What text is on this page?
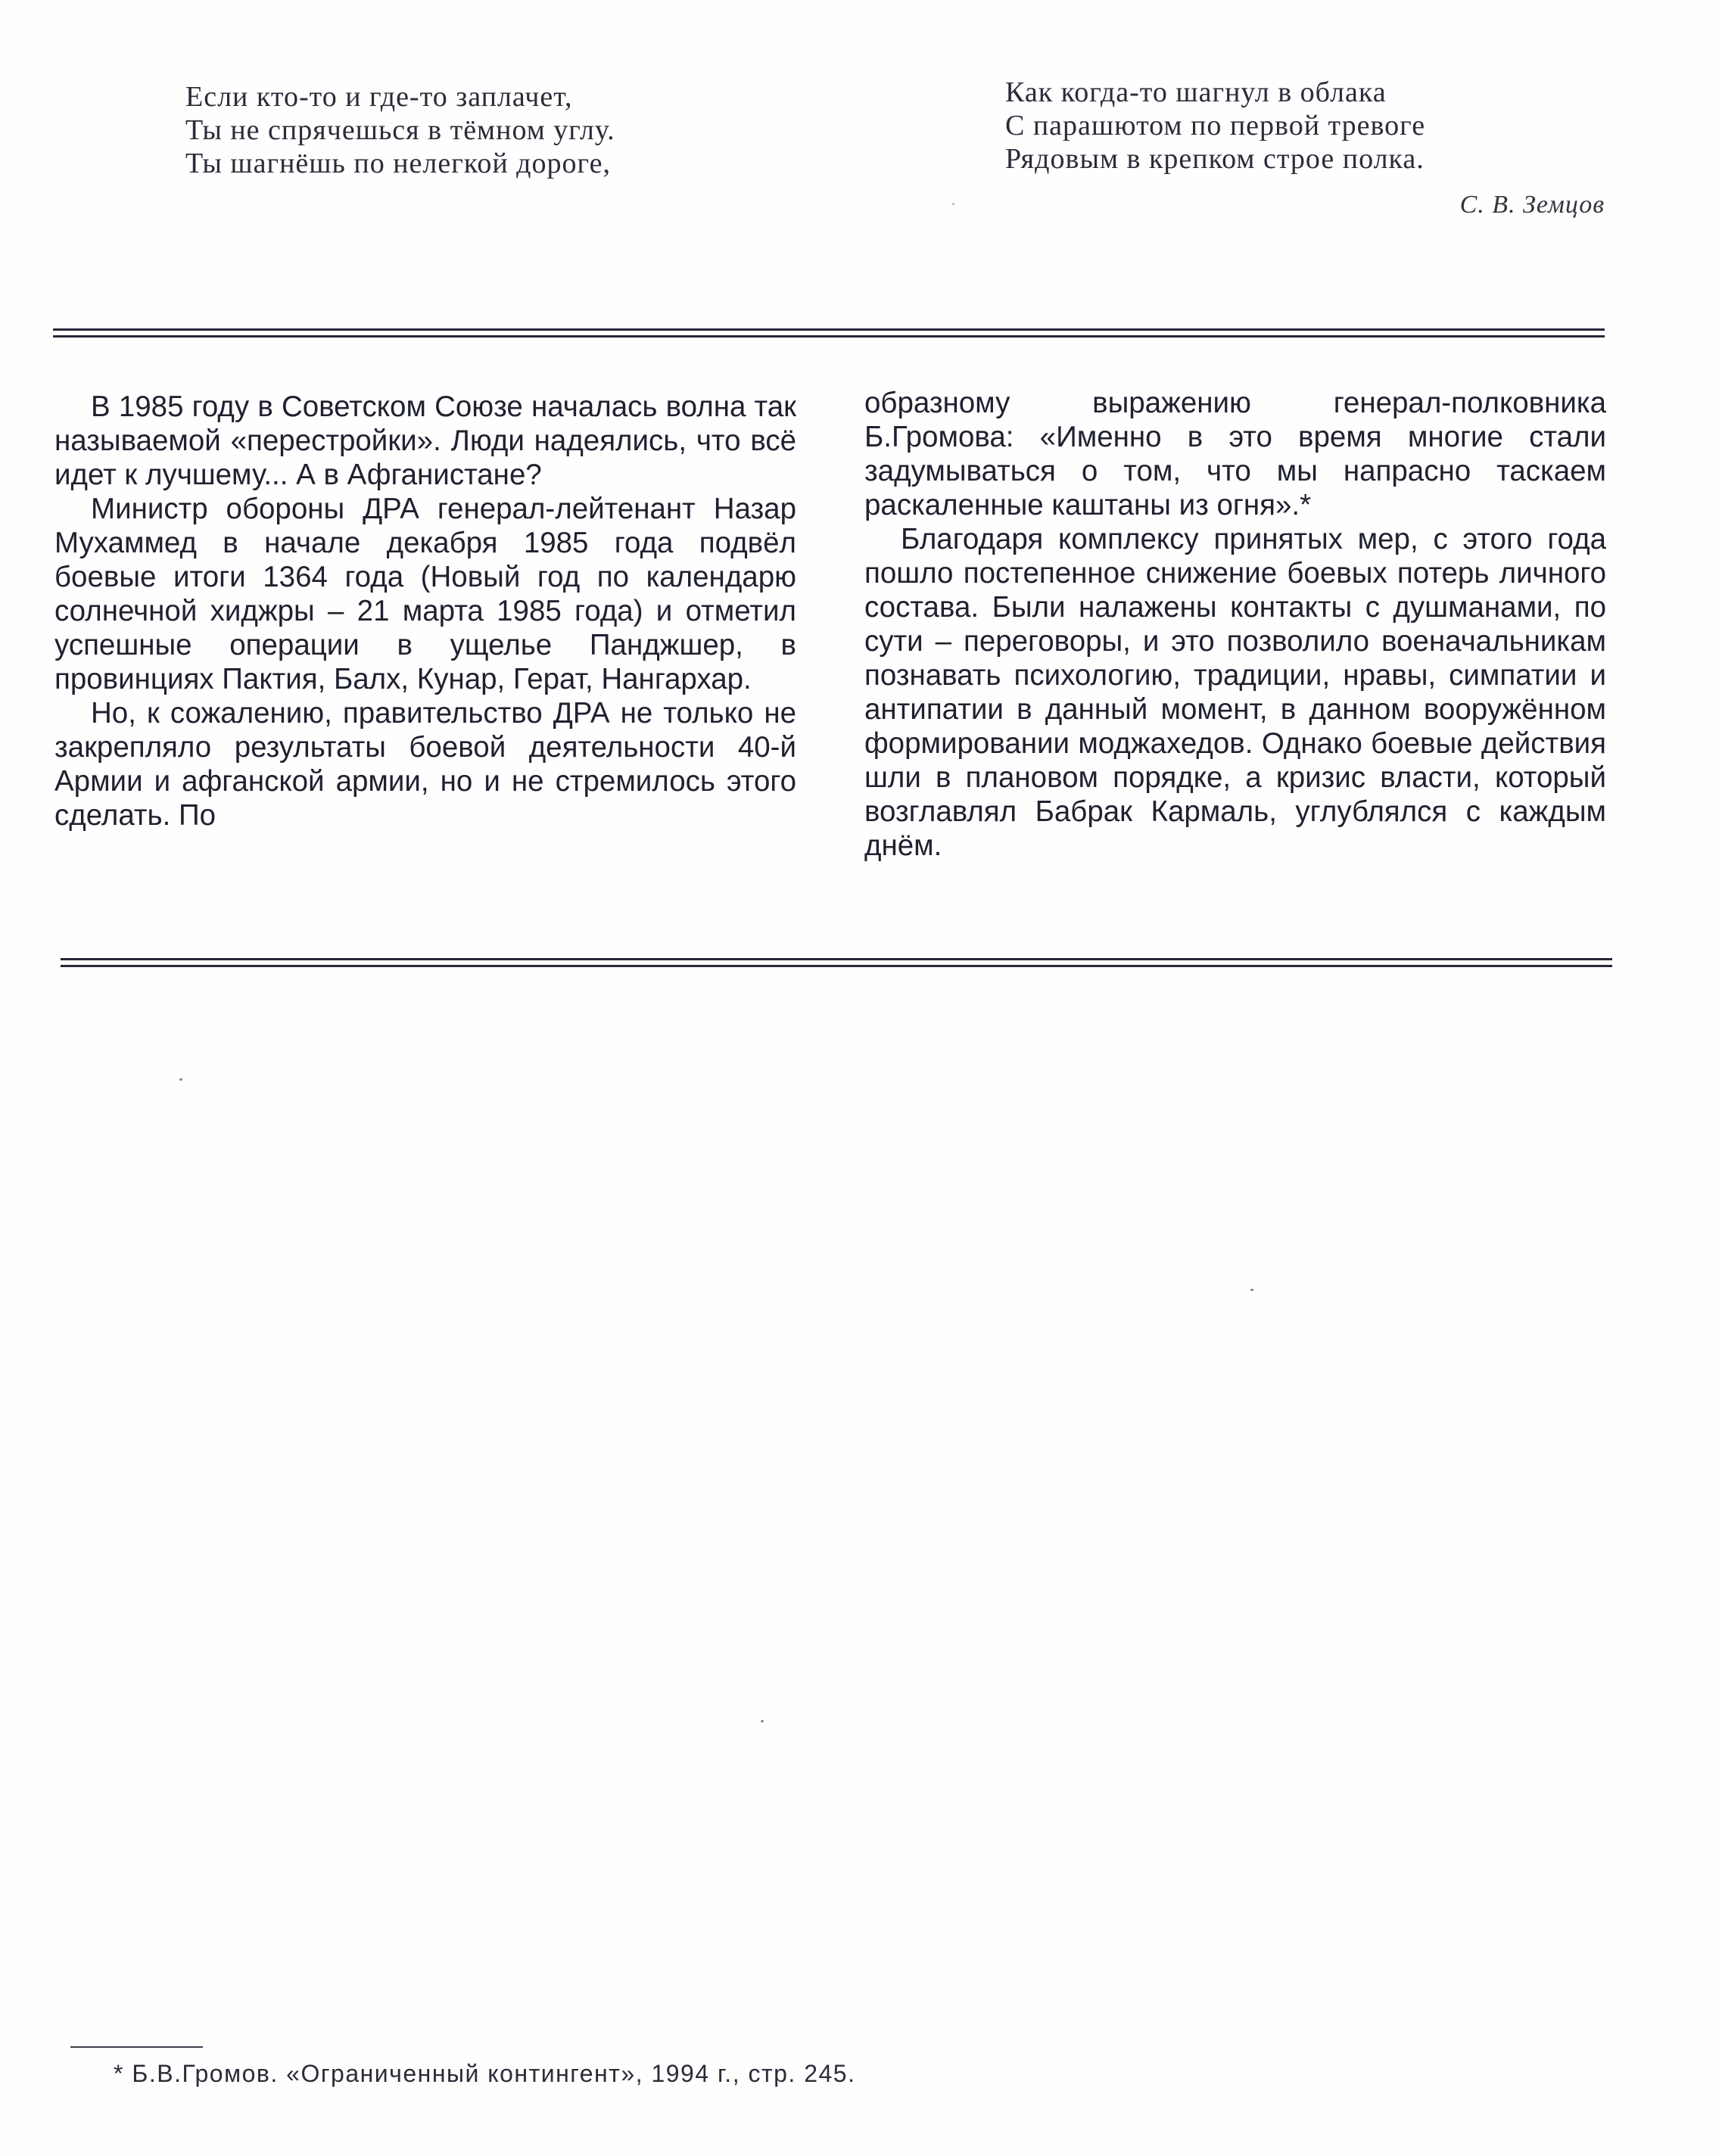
Если кто-то и где-то заплачет,
Ты не спрячешься в тёмном углу.
Ты шагнёшь по нелегкой дороге,
Как когда-то шагнул в облака
С парашютом по первой тревоге
Рядовым в крепком строе полка.
С. В. Земцов

В 1985 году в Советском Союзе началась волна так называемой «перестройки». Люди надеялись, что всё идет к лучшему... А в Афганистане?

Министр обороны ДРА генерал-лейтенант Назар Мухаммед в начале декабря 1985 года подвёл боевые итоги 1364 года (Новый год по календарю солнечной хиджры – 21 марта 1985 года) и отметил успешные операции в ущелье Панджшер, в провинциях Пактия, Балх, Кунар, Герат, Нангархар.

Но, к сожалению, правительство ДРА не только не закрепляло результаты боевой деятельности 40-й Армии и афганской армии, но и не стремилось этого сделать. По

образному выражению генерал-полковника Б.Громова: «Именно в это время многие стали задумываться о том, что мы напрасно таскаем раскаленные каштаны из огня».*

Благодаря комплексу принятых мер, с этого года пошло постепенное снижение боевых потерь личного состава. Были налажены контакты с душманами, по сути – переговоры, и это позволило военачальникам познавать психологию, традиции, нравы, симпатии и антипатии в данный момент, в данном вооружённом формировании моджахедов. Однако боевые действия шли в плановом порядке, а кризис власти, который возглавлял Бабрак Кармаль, углублялся с каждым днём.

* Б.В.Громов. «Ограниченный контингент», 1994 г., стр. 245.
